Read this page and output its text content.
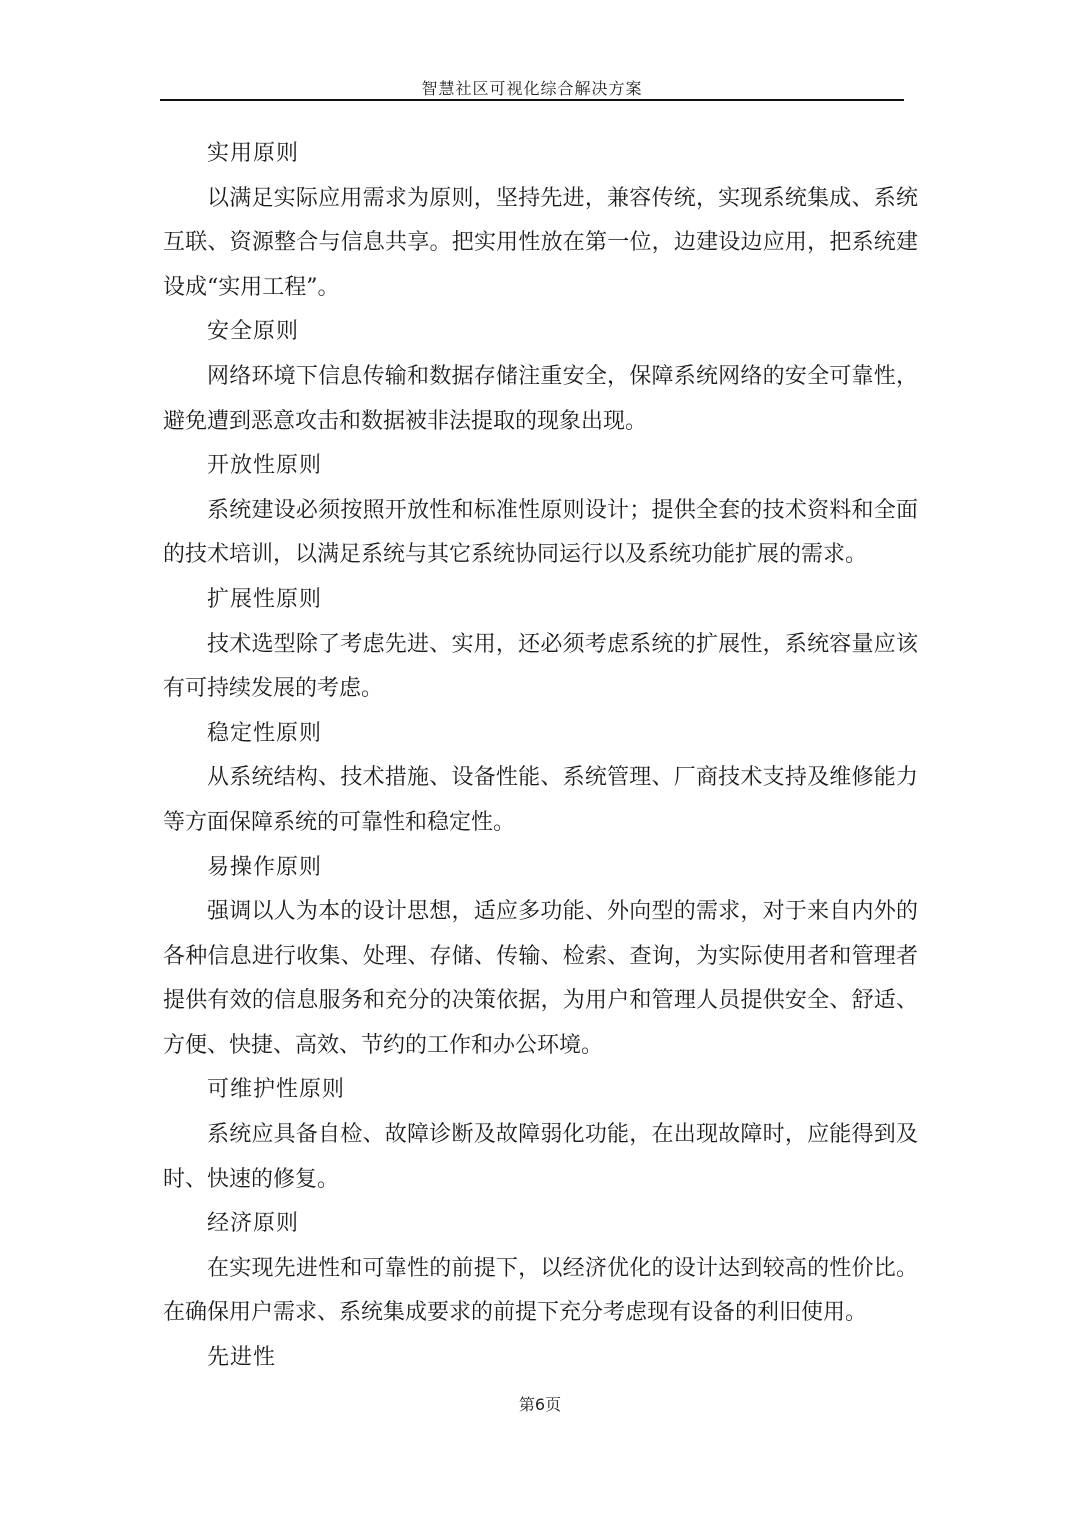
智慧社区可视化综合解决方案

实用原则

以满足实际应用需求为原则，坚持先进，兼容传统，实现系统集成、系统互联、资源整合与信息共享。把实用性放在第一位，边建设边应用，把系统建设成“实用工程”。

安全原则

网络环境下信息传输和数据存储注重安全，保障系统网络的安全可靠性，避免遭到恶意攻击和数据被非法提取的现象出现。

开放性原则

系统建设必须按照开放性和标准性原则设计；提供全套的技术资料和全面的技术培训，以满足系统与其它系统协同运行以及系统功能扩展的需求。

扩展性原则

技术选型除了考虑先进、实用，还必须考虑系统的扩展性，系统容量应该有可持续发展的考虑。

稳定性原则

从系统结构、技术措施、设备性能、系统管理、厂商技术支持及维修能力等方面保障系统的可靠性和稳定性。

易操作原则

强调以人为本的设计思想，适应多功能、外向型的需求，对于来自内外的各种信息进行收集、处理、存储、传输、检索、查询，为实际使用者和管理者提供有效的信息服务和充分的决策依据，为用户和管理人员提供安全、舒适、方便、快捷、高效、节约的工作和办公环境。

可维护性原则

系统应具备自检、故障诊断及故障弱化功能，在出现故障时，应能得到及时、快速的修复。

经济原则

在实现先进性和可靠性的前提下，以经济优化的设计达到较高的性价比。在确保用户需求、系统集成要求的前提下充分考虑现有设备的利旧使用。

先进性

第6页
